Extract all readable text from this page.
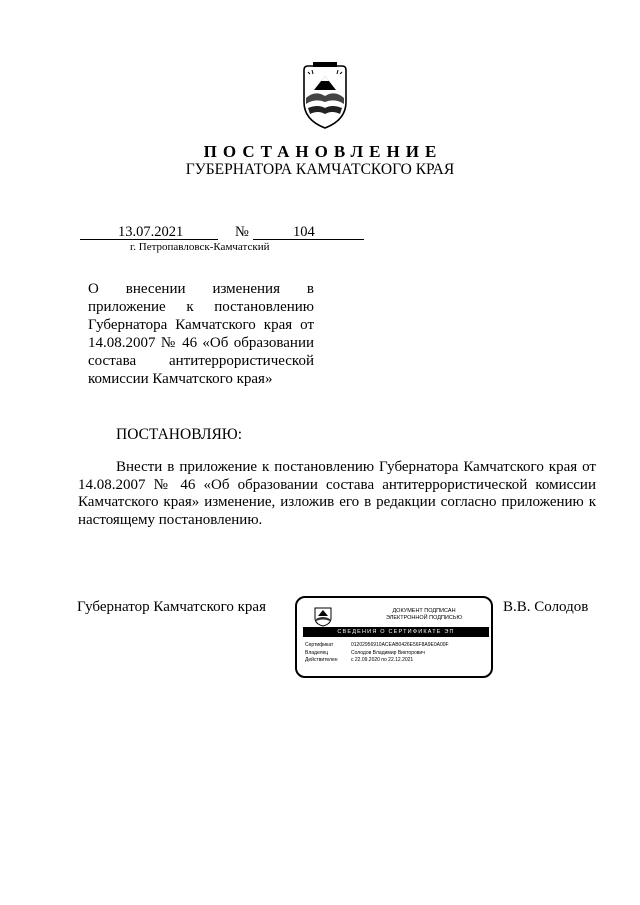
ПОСТАНОВЛЕНИЕ
ГУБЕРНАТОРА КАМЧАТСКОГО КРАЯ
13.07.2021	№	104
г. Петропавловск-Камчатский
О внесении изменения в приложение к постановлению Губернатора Камчатского края от 14.08.2007 № 46 «Об образовании состава антитеррористической комиссии Камчатского края»
ПОСТАНОВЛЯЮ:
Внести в приложение к постановлению Губернатора Камчатского края от 14.08.2007 № 46 «Об образовании состава антитеррористической комиссии Камчатского края» изменение, изложив его в редакции согласно приложению к настоящему постановлению.
Губернатор Камчатского края	ДОКУМЕНТ ПОДПИСАН
ЭЛЕКТРОННОЙ ПОДПИСЬЮ
СВЕДЕНИЯ О СЕРТИФИКАТЕ ЭП
Сертификат	01202956910ACEAB0426E56F8A9E0A00F
Владелец	Солодов Владимир Викторович
Действителен	с 22.09.2020 по 22.12.2021
В.В. Солодов
